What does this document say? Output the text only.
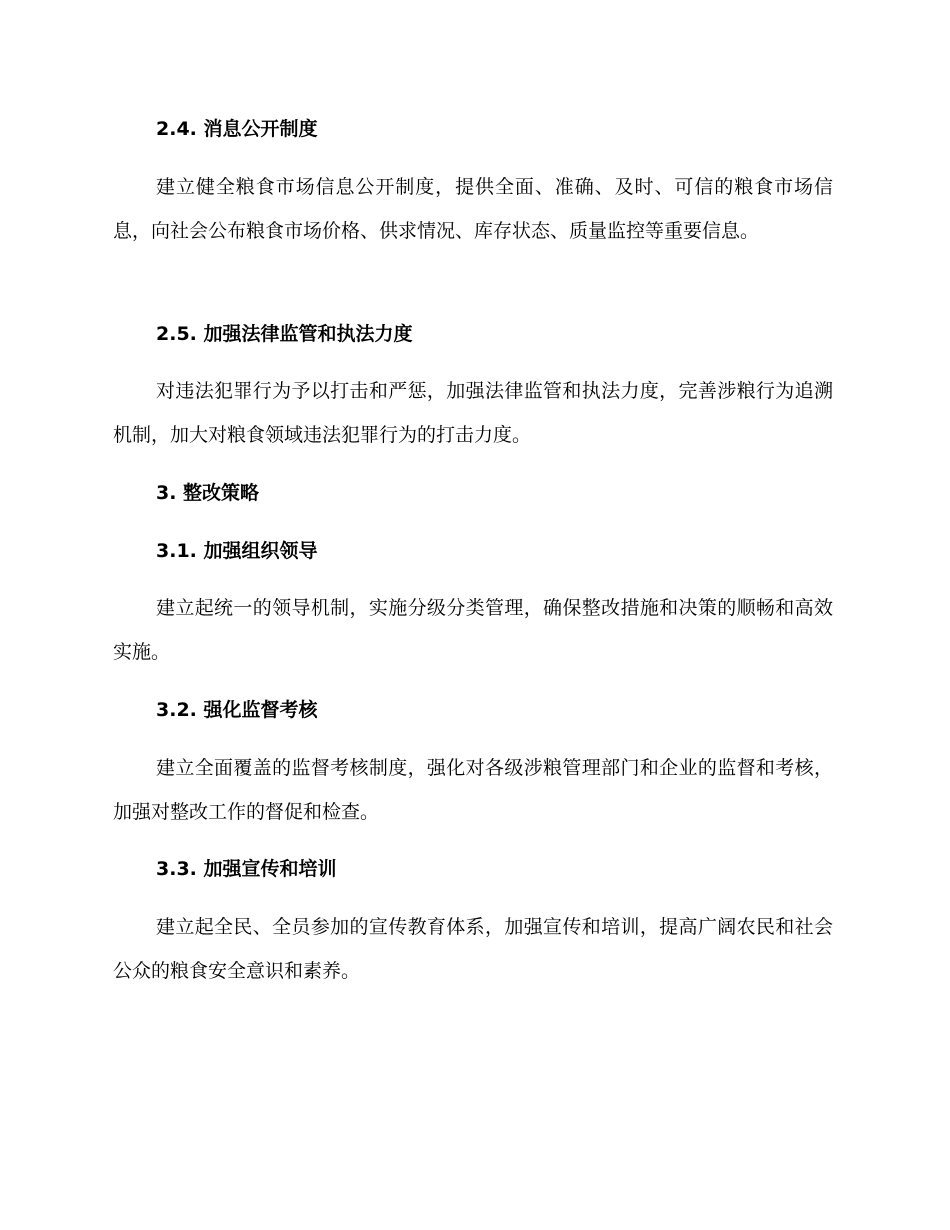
2.4. 消息公开制度
建立健全粮食市场信息公开制度，提供全面、准确、及时、可信的粮食市场信息，向社会公布粮食市场价格、供求情况、库存状态、质量监控等重要信息。
2.5. 加强法律监管和执法力度
对违法犯罪行为予以打击和严惩，加强法律监管和执法力度，完善涉粮行为追溯机制，加大对粮食领域违法犯罪行为的打击力度。
3. 整改策略
3.1. 加强组织领导
建立起统一的领导机制，实施分级分类管理，确保整改措施和决策的顺畅和高效实施。
3.2. 强化监督考核
建立全面覆盖的监督考核制度，强化对各级涉粮管理部门和企业的监督和考核，加强对整改工作的督促和检查。
3.3. 加强宣传和培训
建立起全民、全员参加的宣传教育体系，加强宣传和培训，提高广阔农民和社会公众的粮食安全意识和素养。
